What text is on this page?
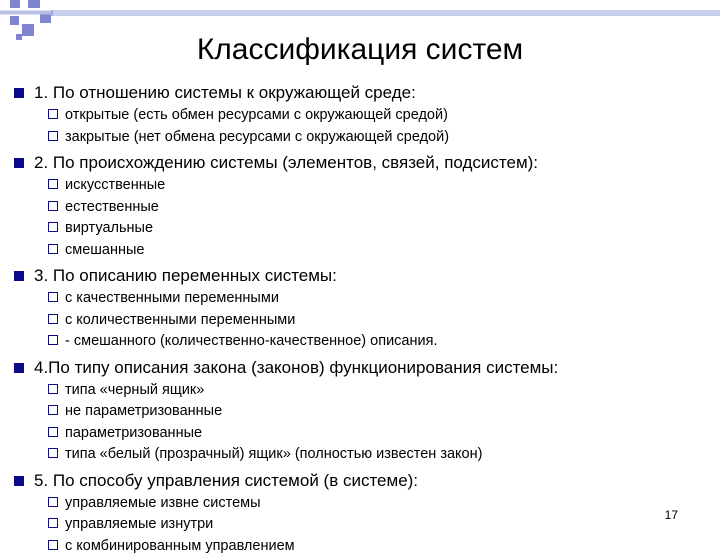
Классификация систем
1. По отношению системы к окружающей среде:
открытые (есть обмен ресурсами с окружающей средой)
закрытые (нет обмена ресурсами с окружающей средой)
2. По происхождению системы (элементов, связей, подсистем):
искусственные
естественные
виртуальные
смешанные
3. По описанию переменных системы:
с качественными переменными
с количественными переменными
- смешанного (количественно-качественное) описания.
4.По типу описания закона (законов) функционирования системы:
типа «черный ящик»
не параметризованные
параметризованные
типа «белый (прозрачный) ящик» (полностью известен закон)
5. По способу управления системой (в системе):
управляемые извне системы
управляемые изнутри
с комбинированным управлением
17
